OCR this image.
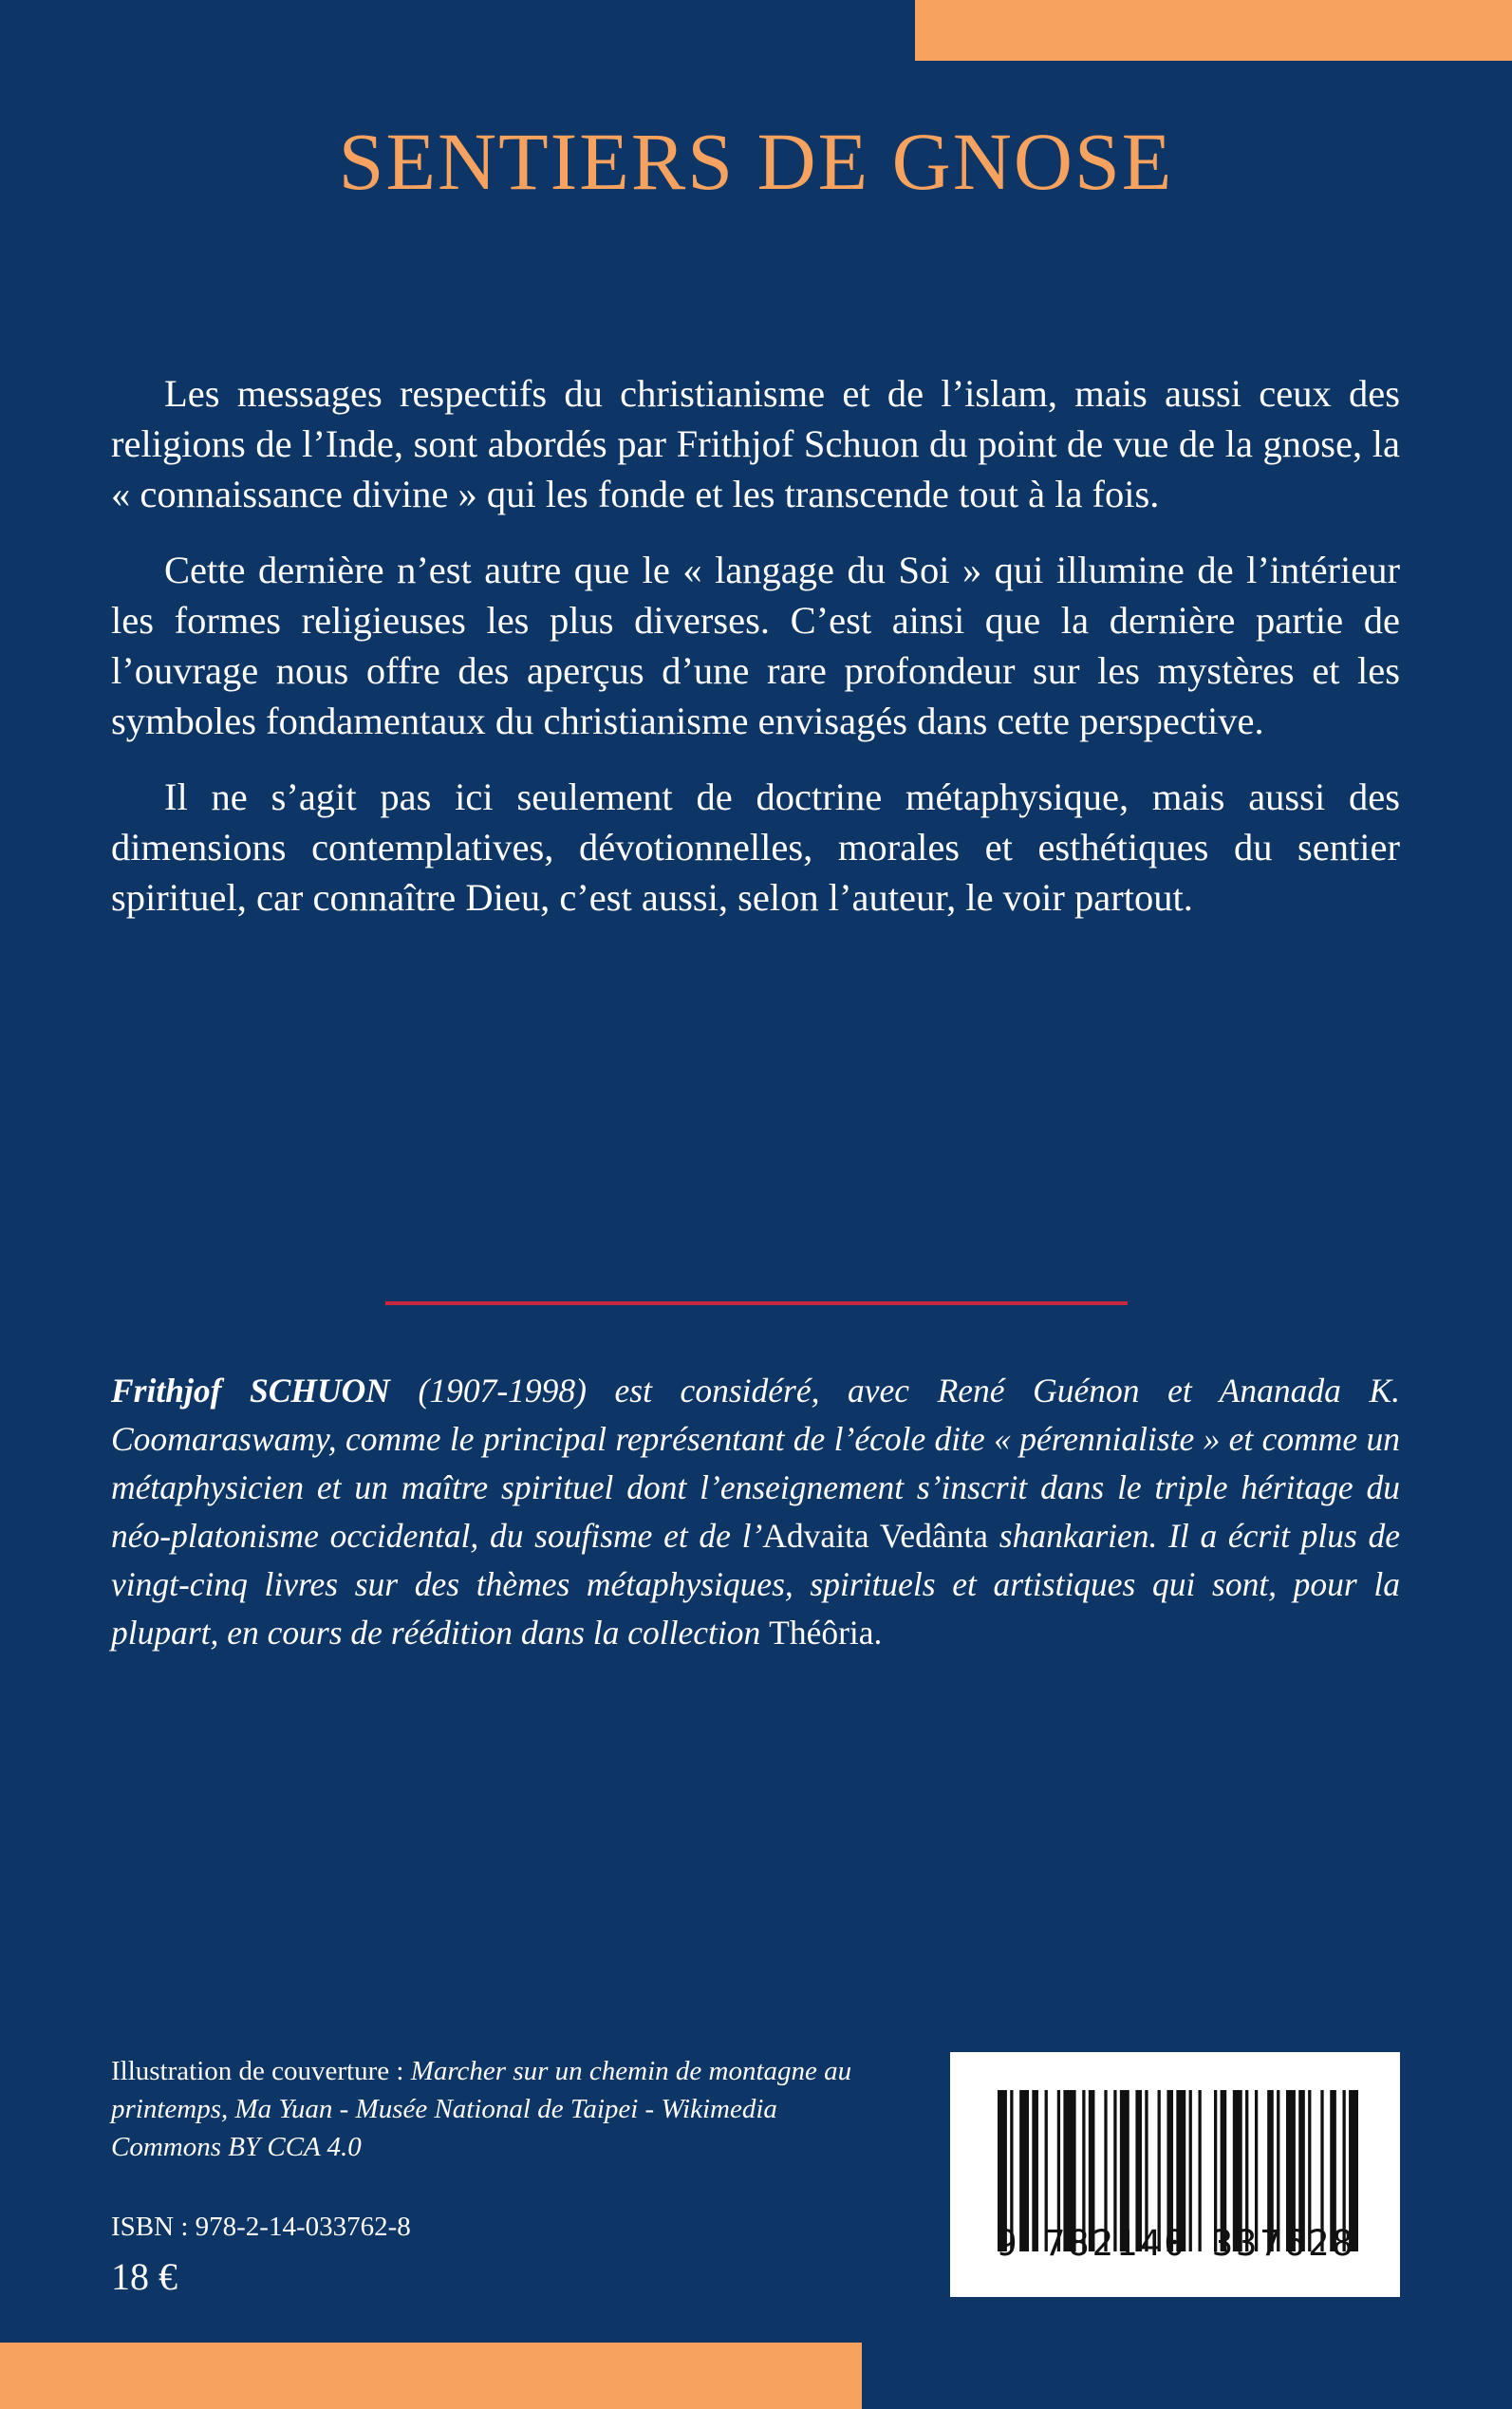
SENTIERS DE GNOSE

Les messages respectifs du christianisme et de l’islam, mais aussi ceux des religions de l’Inde, sont abordés par Frithjof Schuon du point de vue de la gnose, la « connaissance divine » qui les fonde et les transcende tout à la fois.

Cette dernière n’est autre que le « langage du Soi » qui illumine de l’intérieur les formes religieuses les plus diverses. C’est ainsi que la dernière partie de l’ouvrage nous offre des aperçus d’une rare profondeur sur les mystères et les symboles fondamentaux du christianisme envisagés dans cette perspective.

Il ne s’agit pas ici seulement de doctrine métaphysique, mais aussi des dimensions contemplatives, dévotionnelles, morales et esthétiques du sentier spirituel, car connaître Dieu, c’est aussi, selon l’auteur, le voir partout.

Frithjof SCHUON (1907-1998) est considéré, avec René Guénon et Ananada K. Coomaraswamy, comme le principal représentant de l’école dite « pérennialiste » et comme un métaphysicien et un maître spirituel dont l’enseignement s’inscrit dans le triple héritage du néo-platonisme occidental, du soufisme et de l’Advaita Vedânta shankarien. Il a écrit plus de vingt-cinq livres sur des thèmes métaphysiques, spirituels et artistiques qui sont, pour la plupart, en cours de réédition dans la collection Théôria.
Illustration de couverture : Marcher sur un chemin de montagne au printemps, Ma Yuan - Musée National de Taipei - Wikimedia Commons BY CCA 4.0
ISBN : 978-2-14-033762-8
18 €
9 782140 337628
